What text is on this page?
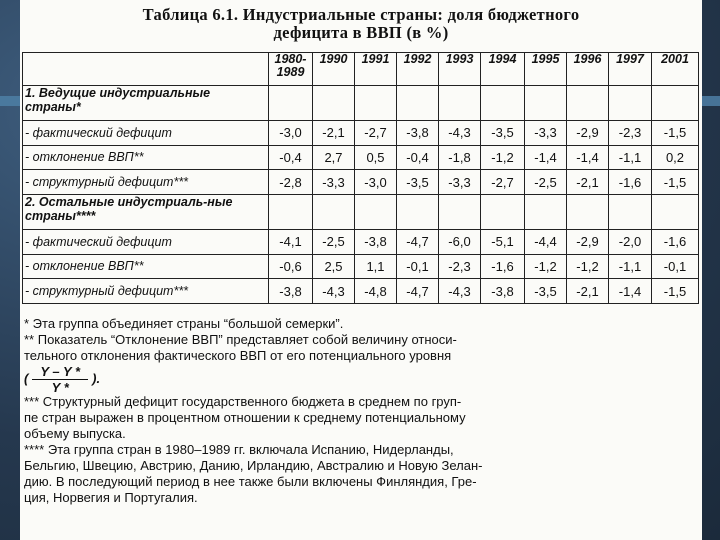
Таблица 6.1. Индустриальные страны: доля бюджетного
дефицита в ВВП (в %)
	1980-1989	1990	1991	1992	1993	1994	1995	1996	1997	2001
1. Ведущие индустриальные страны*										
- фактический дефицит	-3,0	-2,1	-2,7	-3,8	-4,3	-3,5	-3,3	-2,9	-2,3	-1,5
- отклонение ВВП**	-0,4	2,7	0,5	-0,4	-1,8	-1,2	-1,4	-1,4	-1,1	0,2
- структурный дефицит***	-2,8	-3,3	-3,0	-3,5	-3,3	-2,7	-2,5	-2,1	-1,6	-1,5
2. Остальные индустриаль-ные страны****										
- фактический дефицит	-4,1	-2,5	-3,8	-4,7	-6,0	-5,1	-4,4	-2,9	-2,0	-1,6
- отклонение ВВП**	-0,6	2,5	1,1	-0,1	-2,3	-1,6	-1,2	-1,2	-1,1	-0,1
- структурный дефицит***	-3,8	-4,3	-4,8	-4,7	-4,3	-3,8	-3,5	-2,1	-1,4	-1,5
* Эта группа объединяет страны “большой семерки”.
** Показатель “Отклонение ВВП” представляет собой величину относи-
тельного отклонения фактического ВВП от его потенциального уровня
( $\frac{Y - Y *}{Y *}$ ).
*** Структурный дефицит государственного бюджета в среднем по груп-
пе стран выражен в процентном отношении к среднему потенциальному
объему выпуска.
**** Эта группа стран в 1980–1989 гг. включала Испанию, Нидерланды,
Бельгию, Швецию, Австрию, Данию, Ирландию, Австралию и Новую Зелан-
дию. В последующий период в нее также были включены Финляндия, Гре-
ция, Норвегия и Португалия.
